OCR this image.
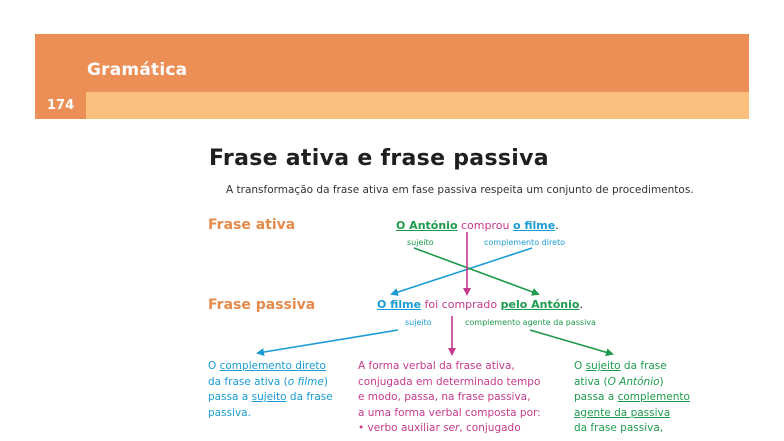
Gramática
174
Frase ativa e frase passiva
A transformação da frase ativa em fase passiva respeita um conjunto de procedimentos.
Frase ativa	O António comprou o filme.
sujeito	complemento direto
Frase passiva	O filme foi comprado pelo António.
sujeito	complemento agente da passiva
O complemento direto
da frase ativa (o filme)
passa a sujeito da frase
passiva.
A forma verbal da frase ativa,
conjugada em determinado tempo
e modo, passa, na frase passiva,
a uma forma verbal composta por:
• verbo auxiliar ser, conjugado
O sujeito da frase
ativa (O António)
passa a complemento
agente da passiva
da frase passiva,
